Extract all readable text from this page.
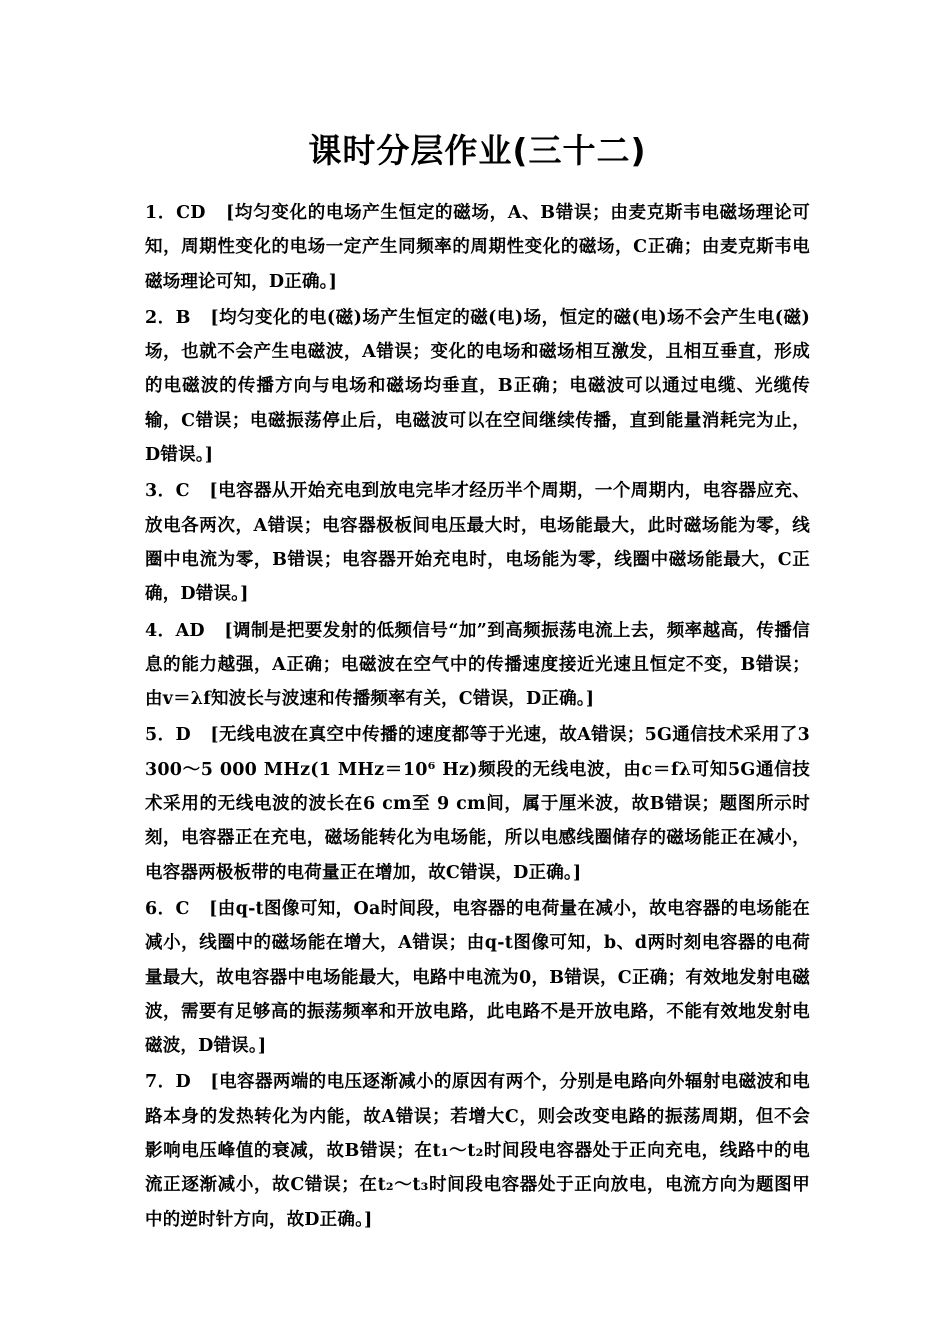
课时分层作业(三十二)
1．CD [均匀变化的电场产生恒定的磁场，A、B错误；由麦克斯韦电磁场理论可知，周期性变化的电场一定产生同频率的周期性变化的磁场，C正确；由麦克斯韦电磁场理论可知，D正确。]
2．B [均匀变化的电(磁)场产生恒定的磁(电)场，恒定的磁(电)场不会产生电(磁)场，也就不会产生电磁波，A错误；变化的电场和磁场相互激发，且相互垂直，形成的电磁波的传播方向与电场和磁场均垂直，B正确；电磁波可以通过电缆、光缆传输，C错误；电磁振荡停止后，电磁波可以在空间继续传播，直到能量消耗完为止，D错误。]
3．C [电容器从开始充电到放电完毕才经历半个周期，一个周期内，电容器应充、放电各两次，A错误；电容器极板间电压最大时，电场能最大，此时磁场能为零，线圈中电流为零，B错误；电容器开始充电时，电场能为零，线圈中磁场能最大，C正确，D错误。]
4．AD [调制是把要发射的低频信号“加”到高频振荡电流上去，频率越高，传播信息的能力越强，A正确；电磁波在空气中的传播速度接近光速且恒定不变，B错误；由v＝λf知波长与波速和传播频率有关，C错误，D正确。]
5．D [无线电波在真空中传播的速度都等于光速，故A错误；5G通信技术采用了3 300～5 000 MHz(1 MHz＝10⁶ Hz)频段的无线电波，由c＝fλ可知5G通信技术采用的无线电波的波长在6 cm至 9 cm间，属于厘米波，故B错误；题图所示时刻，电容器正在充电，磁场能转化为电场能，所以电感线圈储存的磁场能正在减小，电容器两极板带的电荷量正在增加，故C错误，D正确。]
6．C [由q-t图像可知，Oa时间段，电容器的电荷量在减小，故电容器的电场能在减小，线圈中的磁场能在增大，A错误；由q-t图像可知，b、d两时刻电容器的电荷量最大，故电容器中电场能最大，电路中电流为0，B错误，C正确；有效地发射电磁波，需要有足够高的振荡频率和开放电路，此电路不是开放电路，不能有效地发射电磁波，D错误。]
7．D [电容器两端的电压逐渐减小的原因有两个，分别是电路向外辐射电磁波和电路本身的发热转化为内能，故A错误；若增大C，则会改变电路的振荡周期，但不会影响电压峰值的衰减，故B错误；在t₁～t₂时间段电容器处于正向充电，线路中的电流正逐渐减小，故C错误；在t₂～t₃时间段电容器处于正向放电，电流方向为题图甲中的逆时针方向，故D正确。]
